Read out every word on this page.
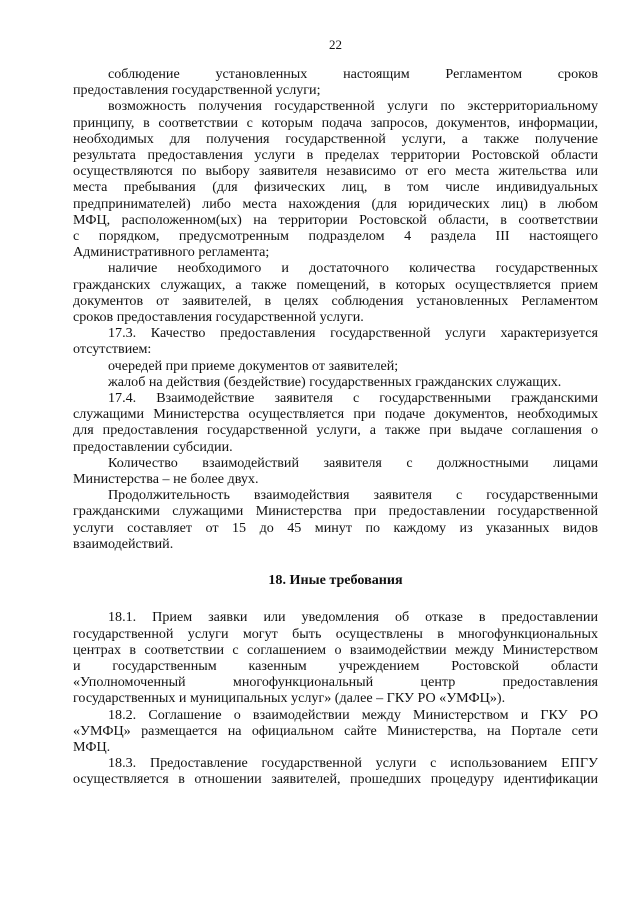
22
соблюдение установленных настоящим Регламентом сроков
предоставления государственной услуги;
возможность получения государственной услуги по экстерриториальному
принципу, в соответствии с которым подача запросов, документов, информации,
необходимых для получения государственной услуги, а также получение
результата предоставления услуги в пределах территории Ростовской области
осуществляются по выбору заявителя независимо от его места жительства или
места пребывания (для физических лиц, в том числе индивидуальных
предпринимателей) либо места нахождения (для юридических лиц) в любом
МФЦ, расположенном(ых) на территории Ростовской области, в соответствии
с порядком, предусмотренным подразделом 4 раздела III настоящего
Административного регламента;
наличие необходимого и достаточного количества государственных
гражданских служащих, а также помещений, в которых осуществляется прием
документов от заявителей, в целях соблюдения установленных Регламентом
сроков предоставления государственной услуги.
17.3. Качество предоставления государственной услуги характеризуется
отсутствием:
очередей при приеме документов от заявителей;
жалоб на действия (бездействие) государственных гражданских служащих.
17.4. Взаимодействие заявителя с государственными гражданскими
служащими Министерства осуществляется при подаче документов, необходимых
для предоставления государственной услуги, а также при выдаче соглашения о
предоставлении субсидии.
Количество взаимодействий заявителя с должностными лицами
Министерства – не более двух.
Продолжительность взаимодействия заявителя с государственными
гражданскими служащими Министерства при предоставлении государственной
услуги составляет от 15 до 45 минут по каждому из указанных видов
взаимодействий.
18. Иные требования
18.1. Прием заявки или уведомления об отказе в предоставлении
государственной услуги могут быть осуществлены в многофункциональных
центрах в соответствии с соглашением о взаимодействии между Министерством
и государственным казенным учреждением Ростовской области
«Уполномоченный многофункциональный центр предоставления
государственных и муниципальных услуг» (далее – ГКУ РО «УМФЦ»).
18.2. Соглашение о взаимодействии между Министерством и ГКУ РО
«УМФЦ» размещается на официальном сайте Министерства, на Портале сети
МФЦ.
18.3. Предоставление государственной услуги с использованием ЕПГУ
осуществляется в отношении заявителей, прошедших процедуру идентификации
